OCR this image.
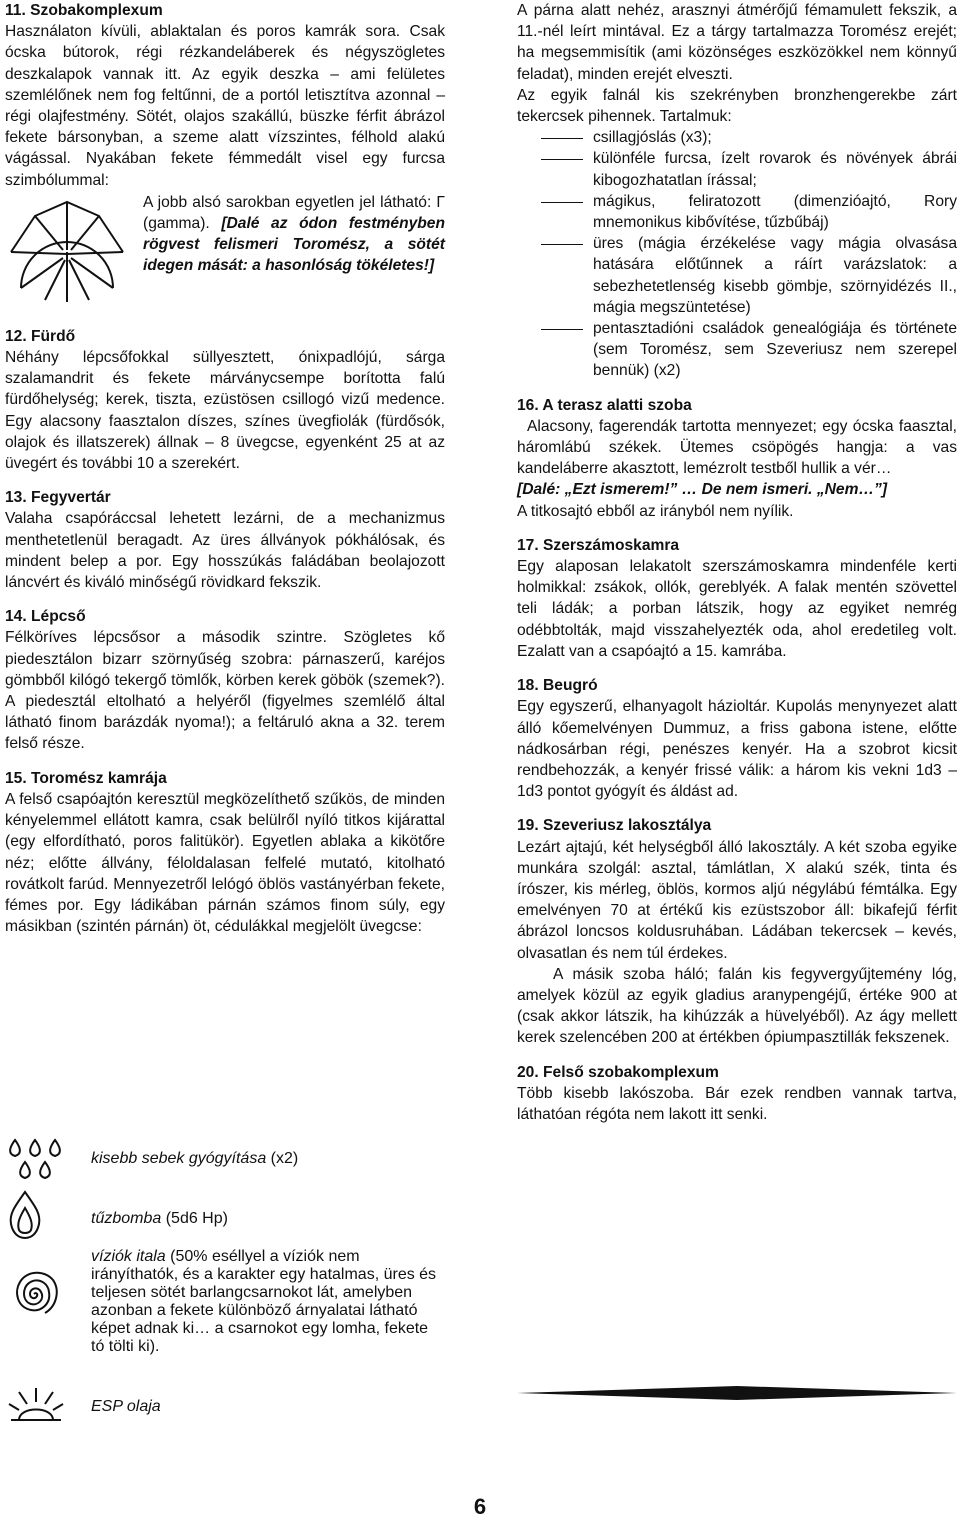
11. Szobakomplexum

Használaton kívüli, ablaktalan és poros kamrák sora. Csak ócska bútorok, régi rézkandeláberek és négyszögletes deszkalapok vannak itt. Az egyik deszka – ami felületes szemlélőnek nem fog feltűnni, de a portól letisztítva azonnal – régi olajfestmény. Sötét, olajos szakállú, büszke férfit ábrázol fekete bársonyban, a szeme alatt vízszintes, félhold alakú vágással. Nyakában fekete fémmedált visel egy furcsa szimbólummal:

A jobb alsó sarokban egyetlen jel látható: Γ (gamma). [Dalé az ódon festményben rögvest felismeri Toromész, a sötét idegen mását: a hasonlóság tökéletes!]
12. Fürdő

Néhány lépcsőfokkal süllyesztett, ónixpadlójú, sárga szalamandrit és fekete márványcsempe borította falú fürdőhelység; kerek, tiszta, ezüstösen csillogó vizű medence. Egy alacsony faasztalon díszes, színes üvegfiolák (fürdősók, olajok és illatszerek) állnak – 8 üvegcse, egyenként 25 at az üvegért és további 10 a szerekért.

13. Fegyvertár

Valaha csapóráccsal lehetett lezárni, de a mechanizmus menthetetlenül beragadt. Az üres állványok pókhálósak, és mindent belep a por. Egy hosszúkás faládában beolajozott láncvért és kiváló minőségű rövidkard fekszik.

14. Lépcső

Félköríves lépcsősor a második szintre. Szögletes kő piedesztálon bizarr szörnyűség szobra: párnaszerű, karéjos gömbből kilógó tekergő tömlők, körben kerek göbök (szemek?). A piedesztál eltolható a helyéről (figyelmes szemlélő által látható finom barázdák nyoma!); a feltáruló akna a 32. terem felső része.

15. Toromész kamrája

A felső csapóajtón keresztül megközelíthető szűkös, de minden kényelemmel ellátott kamra, csak belülről nyíló titkos kijárattal (egy elfordítható, poros falitükör). Egyetlen ablaka a kikötőre néz; előtte állvány, féloldalasan felfelé mutató, kitolható rovátkolt farúd. Mennyezetről lelógó öblös vastányérban fekete, fémes por. Egy ládikában párnán számos finom súly, egy másikban (szintén párnán) öt, cédulákkal megjelölt üvegcse:

kisebb sebek gyógyítása (x2)
tűzbomba (5d6 Hp)
víziók itala (50% eséllyel a víziók nem irányíthatók, és a karakter egy hatalmas, üres és teljesen sötét barlangcsarnokot lát, amelyben azonban a fekete különböző árnyalatai látható képet adnak ki… a csarnokot egy lomha, fekete tó tölti ki).
ESP olaja

A párna alatt nehéz, arasznyi átmérőjű fémamulett fekszik, a 11.-nél leírt mintával. Ez a tárgy tartalmazza Toromész erejét; ha megsemmisítik (ami közönséges eszközökkel nem könnyű feladat), minden erejét elveszti.

Az egyik falnál kis szekrényben bronzhengerekbe zárt tekercsek pihennek. Tartalmuk:

csillagjóslás (x3);
különféle furcsa, ízelt rovarok és növények ábrái kibogozhatatlan írással;
mágikus, feliratozott (dimenzióajtó, Rory mnemonikus kibővítése, tűzbűbáj)
üres (mágia érzékelése vagy mágia olvasása hatására előtűnnek a ráírt varázslatok: a sebezhetetlenség kisebb gömbje, szörnyidézés II., mágia megszüntetése)
pentasztadióni családok genealógiája és története (sem Toromész, sem Szeveriusz nem szerepel bennük) (x2)
16. A terasz alatti szoba

Alacsony, fagerendák tartotta mennyezet; egy ócska faasztal, háromlábú székek. Ütemes csöpögés hangja: a vas kandeláberre akasztott, lemézrolt testből hullik a vér…

[Dalé: „Ezt ismerem!” … De nem ismeri. „Nem…”]

A titkosajtó ebből az irányból nem nyílik.

17. Szerszámoskamra

Egy alaposan lelakatolt szerszámoskamra mindenféle kerti holmikkal: zsákok, ollók, gereblyék. A falak mentén szövettel teli ládák; a porban látszik, hogy az egyiket nemrég odébbtolták, majd visszahelyezték oda, ahol eredetileg volt. Ezalatt van a csapóajtó a 15. kamrába.

18. Beugró

Egy egyszerű, elhanyagolt házioltár. Kupolás menynyezet alatt álló kőemelvényen Dummuz, a friss gabona istene, előtte nádkosárban régi, penészes kenyér. Ha a szobrot kicsit rendbehozzák, a kenyér frissé válik: a három kis vekni 1d3 – 1d3 pontot gyógyít és áldást ad.

19. Szeveriusz lakosztálya

Lezárt ajtajú, két helységből álló lakosztály. A két szoba egyike munkára szolgál: asztal, támlátlan, X alakú szék, tinta és írószer, kis mérleg, öblös, kormos aljú négylábú fémtálka. Egy emelvényen 70 at értékű kis ezüstszobor áll: bikafejű férfit ábrázol loncsos koldusruhában. Ládában tekercsek – kevés, olvasatlan és nem túl érdekes.

A másik szoba háló; falán kis fegyvergyűjtemény lóg, amelyek közül az egyik gladius aranypengéjű, értéke 900 at (csak akkor látszik, ha kihúzzák a hüvelyéből). Az ágy mellett kerek szelencében 200 at értékben ópiumpasztillák fekszenek.

20. Felső szobakomplexum

Több kisebb lakószoba. Bár ezek rendben vannak tartva, láthatóan régóta nem lakott itt senki.

6
